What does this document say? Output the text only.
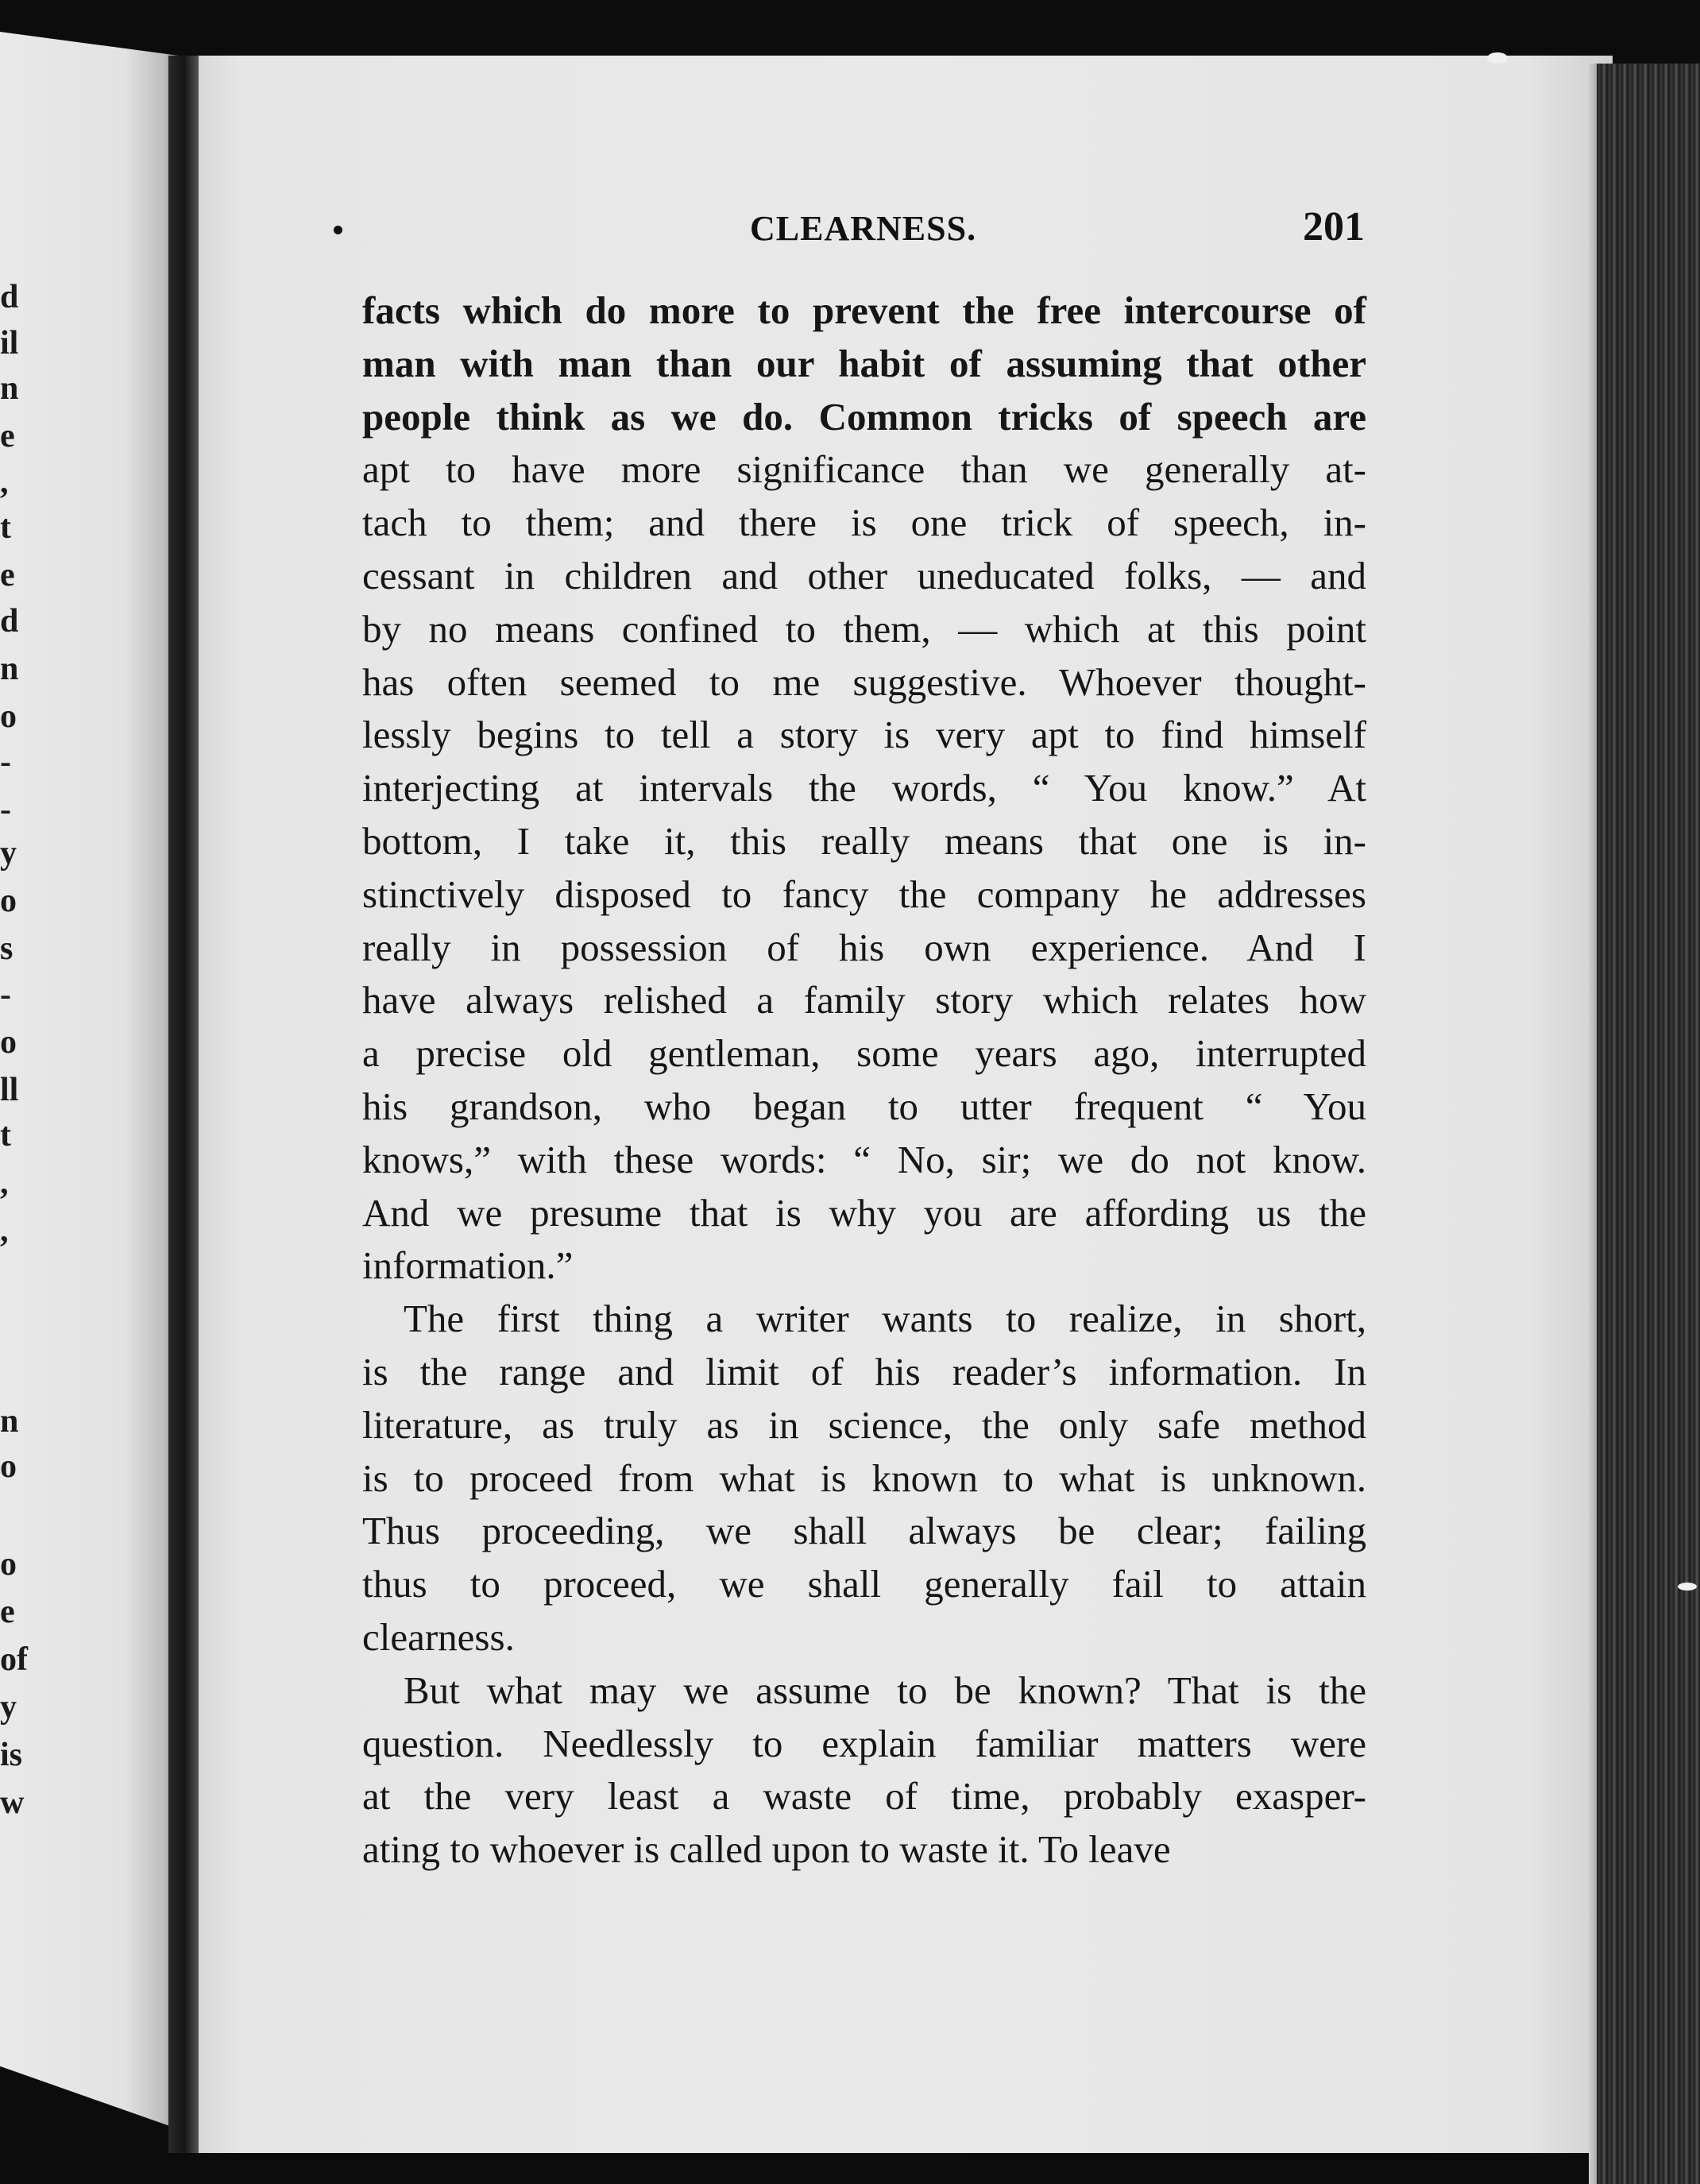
d
il
n
e
,
t
e
d
n
o
-
-
y
o
s
-
o
ll
t
,
,
n
o
o
e
of
y
is
w
CLEARNESS.	201
facts which do more to prevent the free intercourse of
man with man than our habit of assuming that other
people think as we do. Common tricks of speech are
apt to have more significance than we generally at-
tach to them; and there is one trick of speech, in-
cessant in children and other uneducated folks, — and
by no means confined to them, — which at this point
has often seemed to me suggestive. Whoever thought-
lessly begins to tell a story is very apt to find himself
interjecting at intervals the words, “ You know.” At
bottom, I take it, this really means that one is in-
stinctively disposed to fancy the company he addresses
really in possession of his own experience. And I
have always relished a family story which relates how
a precise old gentleman, some years ago, interrupted
his grandson, who began to utter frequent “ You
knows,” with these words: “ No, sir; we do not know.
And we presume that is why you are affording us the
information.”
The first thing a writer wants to realize, in short,
is the range and limit of his reader’s information. In
literature, as truly as in science, the only safe method
is to proceed from what is known to what is unknown.
Thus proceeding, we shall always be clear; failing
thus to proceed, we shall generally fail to attain
clearness.
But what may we assume to be known? That is the
question. Needlessly to explain familiar matters were
at the very least a waste of time, probably exasper-
ating to whoever is called upon to waste it. To leave
